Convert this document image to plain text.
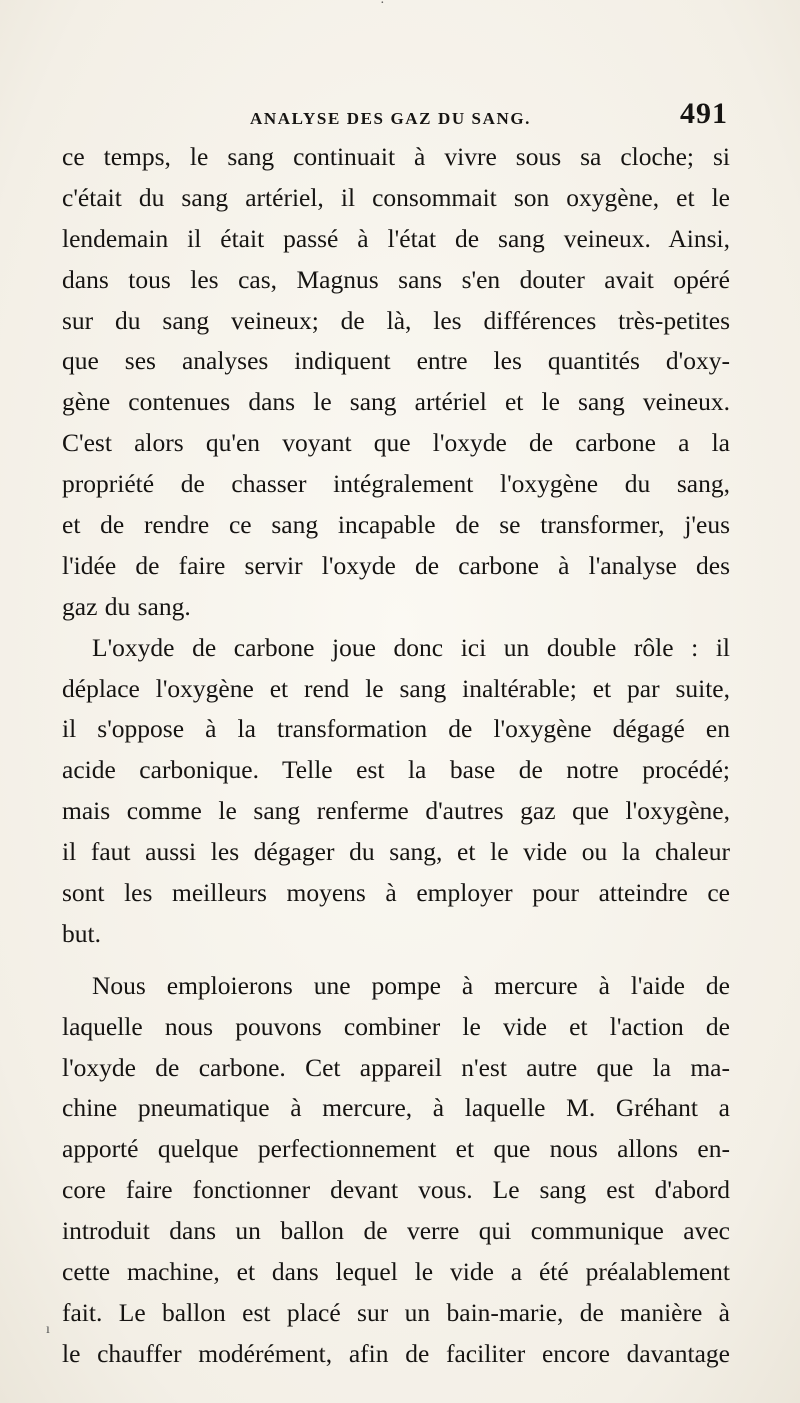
ANALYSE DES GAZ DU SANG.	491
ce temps, le sang continuait à vivre sous sa cloche; si
c'était du sang artériel, il consommait son oxygène, et le
lendemain il était passé à l'état de sang veineux. Ainsi,
dans tous les cas, Magnus sans s'en douter avait opéré
sur du sang veineux; de là, les différences très-petites
que ses analyses indiquent entre les quantités d'oxy-
gène contenues dans le sang artériel et le sang veineux.
C'est alors qu'en voyant que l'oxyde de carbone a la
propriété de chasser intégralement l'oxygène du sang,
et de rendre ce sang incapable de se transformer, j'eus
l'idée de faire servir l'oxyde de carbone à l'analyse des
gaz du sang.
L'oxyde de carbone joue donc ici un double rôle : il
déplace l'oxygène et rend le sang inaltérable; et par suite,
il s'oppose à la transformation de l'oxygène dégagé en
acide carbonique. Telle est la base de notre procédé;
mais comme le sang renferme d'autres gaz que l'oxygène,
il faut aussi les dégager du sang, et le vide ou la chaleur
sont les meilleurs moyens à employer pour atteindre ce
but.
Nous emploierons une pompe à mercure à l'aide de
laquelle nous pouvons combiner le vide et l'action de
l'oxyde de carbone. Cet appareil n'est autre que la ma-
chine pneumatique à mercure, à laquelle M. Gréhant a
apporté quelque perfectionnement et que nous allons en-
core faire fonctionner devant vous. Le sang est d'abord
introduit dans un ballon de verre qui communique avec
cette machine, et dans lequel le vide a été préalablement
fait. Le ballon est placé sur un bain-marie, de manière à
le chauffer modérément, afin de faciliter encore davantage
·
ı
